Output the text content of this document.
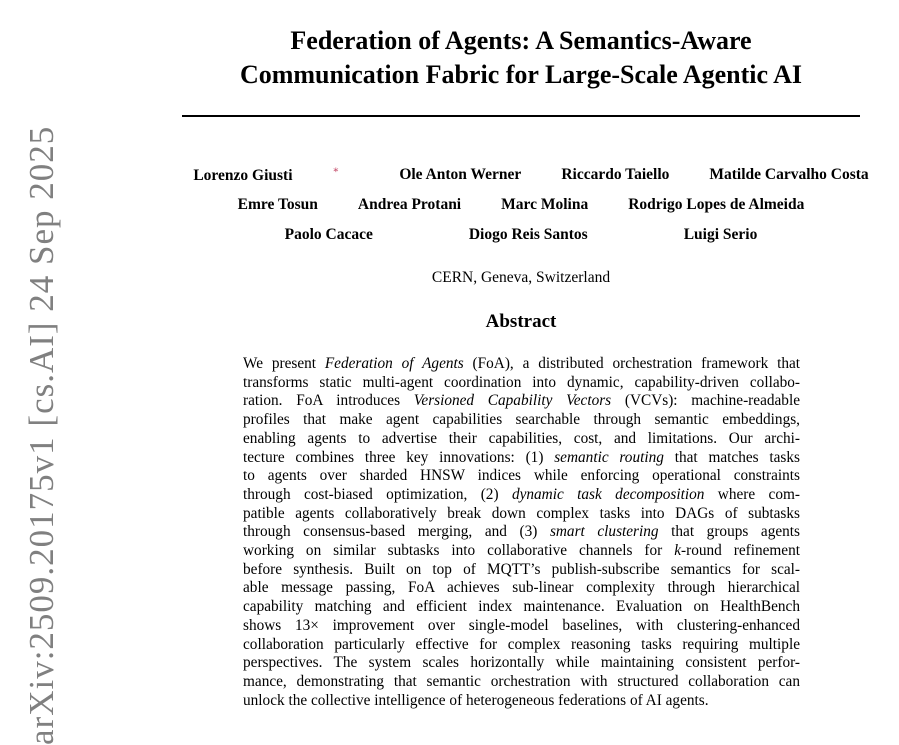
arXiv:2509.20175v1 [cs.AI] 24 Sep 2025
Federation of Agents: A Semantics-Aware
Communication Fabric for Large-Scale Agentic AI
Lorenzo Giusti	∗	Ole Anton Werner	Riccardo Taiello	Matilde Carvalho Costa
Emre Tosun	Andrea Protani	Marc Molina	Rodrigo Lopes de Almeida
Paolo Cacace	Diogo Reis Santos	Luigi Serio
CERN, Geneva, Switzerland
Abstract
We present Federation of Agents (FoA), a distributed orchestration framework that
transforms static multi-agent coordination into dynamic, capability-driven collabo-
ration. FoA introduces Versioned Capability Vectors (VCVs): machine-readable
profiles that make agent capabilities searchable through semantic embeddings,
enabling agents to advertise their capabilities, cost, and limitations. Our archi-
tecture combines three key innovations: (1) semantic routing that matches tasks
to agents over sharded HNSW indices while enforcing operational constraints
through cost-biased optimization, (2) dynamic task decomposition where com-
patible agents collaboratively break down complex tasks into DAGs of subtasks
through consensus-based merging, and (3) smart clustering that groups agents
working on similar subtasks into collaborative channels for k-round refinement
before synthesis. Built on top of MQTT’s publish-subscribe semantics for scal-
able message passing, FoA achieves sub-linear complexity through hierarchical
capability matching and efficient index maintenance. Evaluation on HealthBench
shows 13× improvement over single-model baselines, with clustering-enhanced
collaboration particularly effective for complex reasoning tasks requiring multiple
perspectives. The system scales horizontally while maintaining consistent perfor-
mance, demonstrating that semantic orchestration with structured collaboration can
unlock the collective intelligence of heterogeneous federations of AI agents.
